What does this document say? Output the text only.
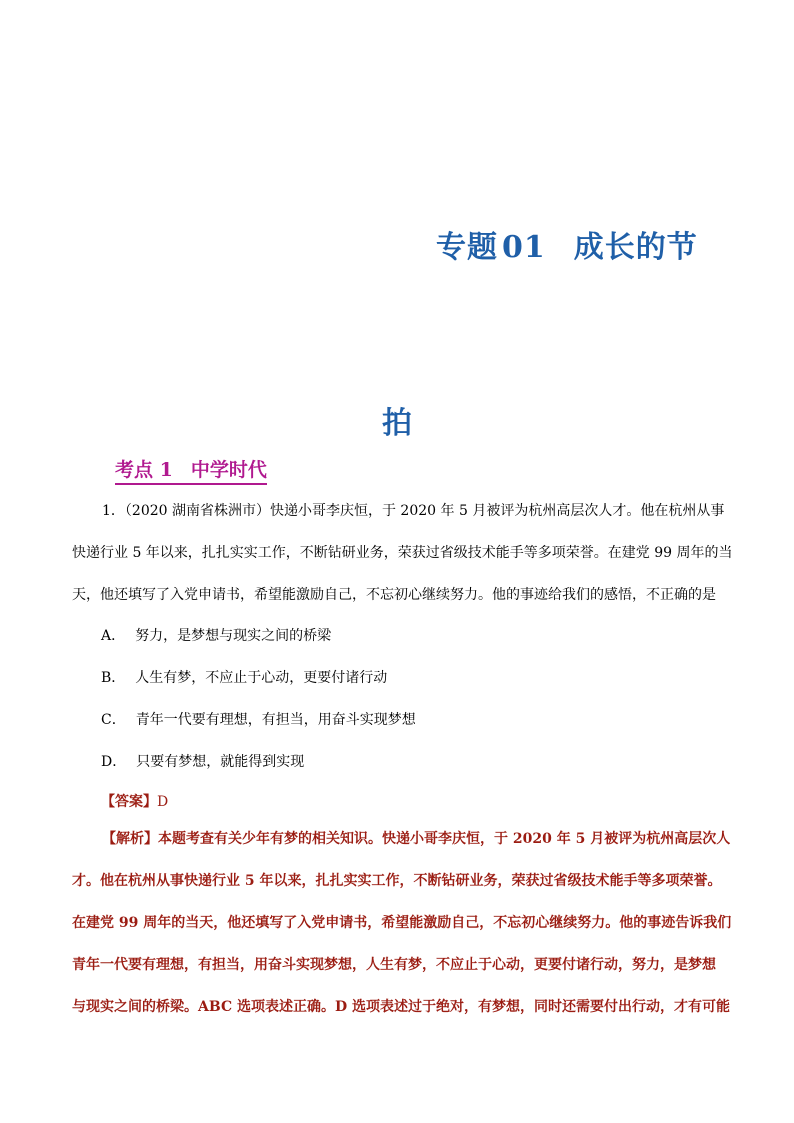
专题 01 成长的节
拍
考点 1 中学时代

1．（2020 湖南省株洲市）快递小哥李庆恒，于 2020 年 5 月被评为杭州高层次人才。他在杭州从事
快递行业 5 年以来，扎扎实实工作，不断钻研业务，荣获过省级技术能手等多项荣誉。在建党 99 周年的当
天，他还填写了入党申请书，希望能激励自己，不忘初心继续努力。他的事迹给我们的感悟，不正确的是

A． 努力，是梦想与现实之间的桥梁
B． 人生有梦，不应止于心动，更要付诸行动
C． 青年一代要有理想，有担当，用奋斗实现梦想
D． 只要有梦想，就能得到实现
【答案】D

【解析】本题考查有关少年有梦的相关知识。快递小哥李庆恒，于 2020 年 5 月被评为杭州高层次人
才。他在杭州从事快递行业 5 年以来，扎扎实实工作，不断钻研业务，荣获过省级技术能手等多项荣誉。
在建党 99 周年的当天，他还填写了入党申请书，希望能激励自己，不忘初心继续努力。他的事迹告诉我们
青年一代要有理想，有担当，用奋斗实现梦想，人生有梦，不应止于心动，更要付诸行动，努力，是梦想
与现实之间的桥梁。ABC 选项表述正确。D 选项表述过于绝对，有梦想，同时还需要付出行动，才有可能
